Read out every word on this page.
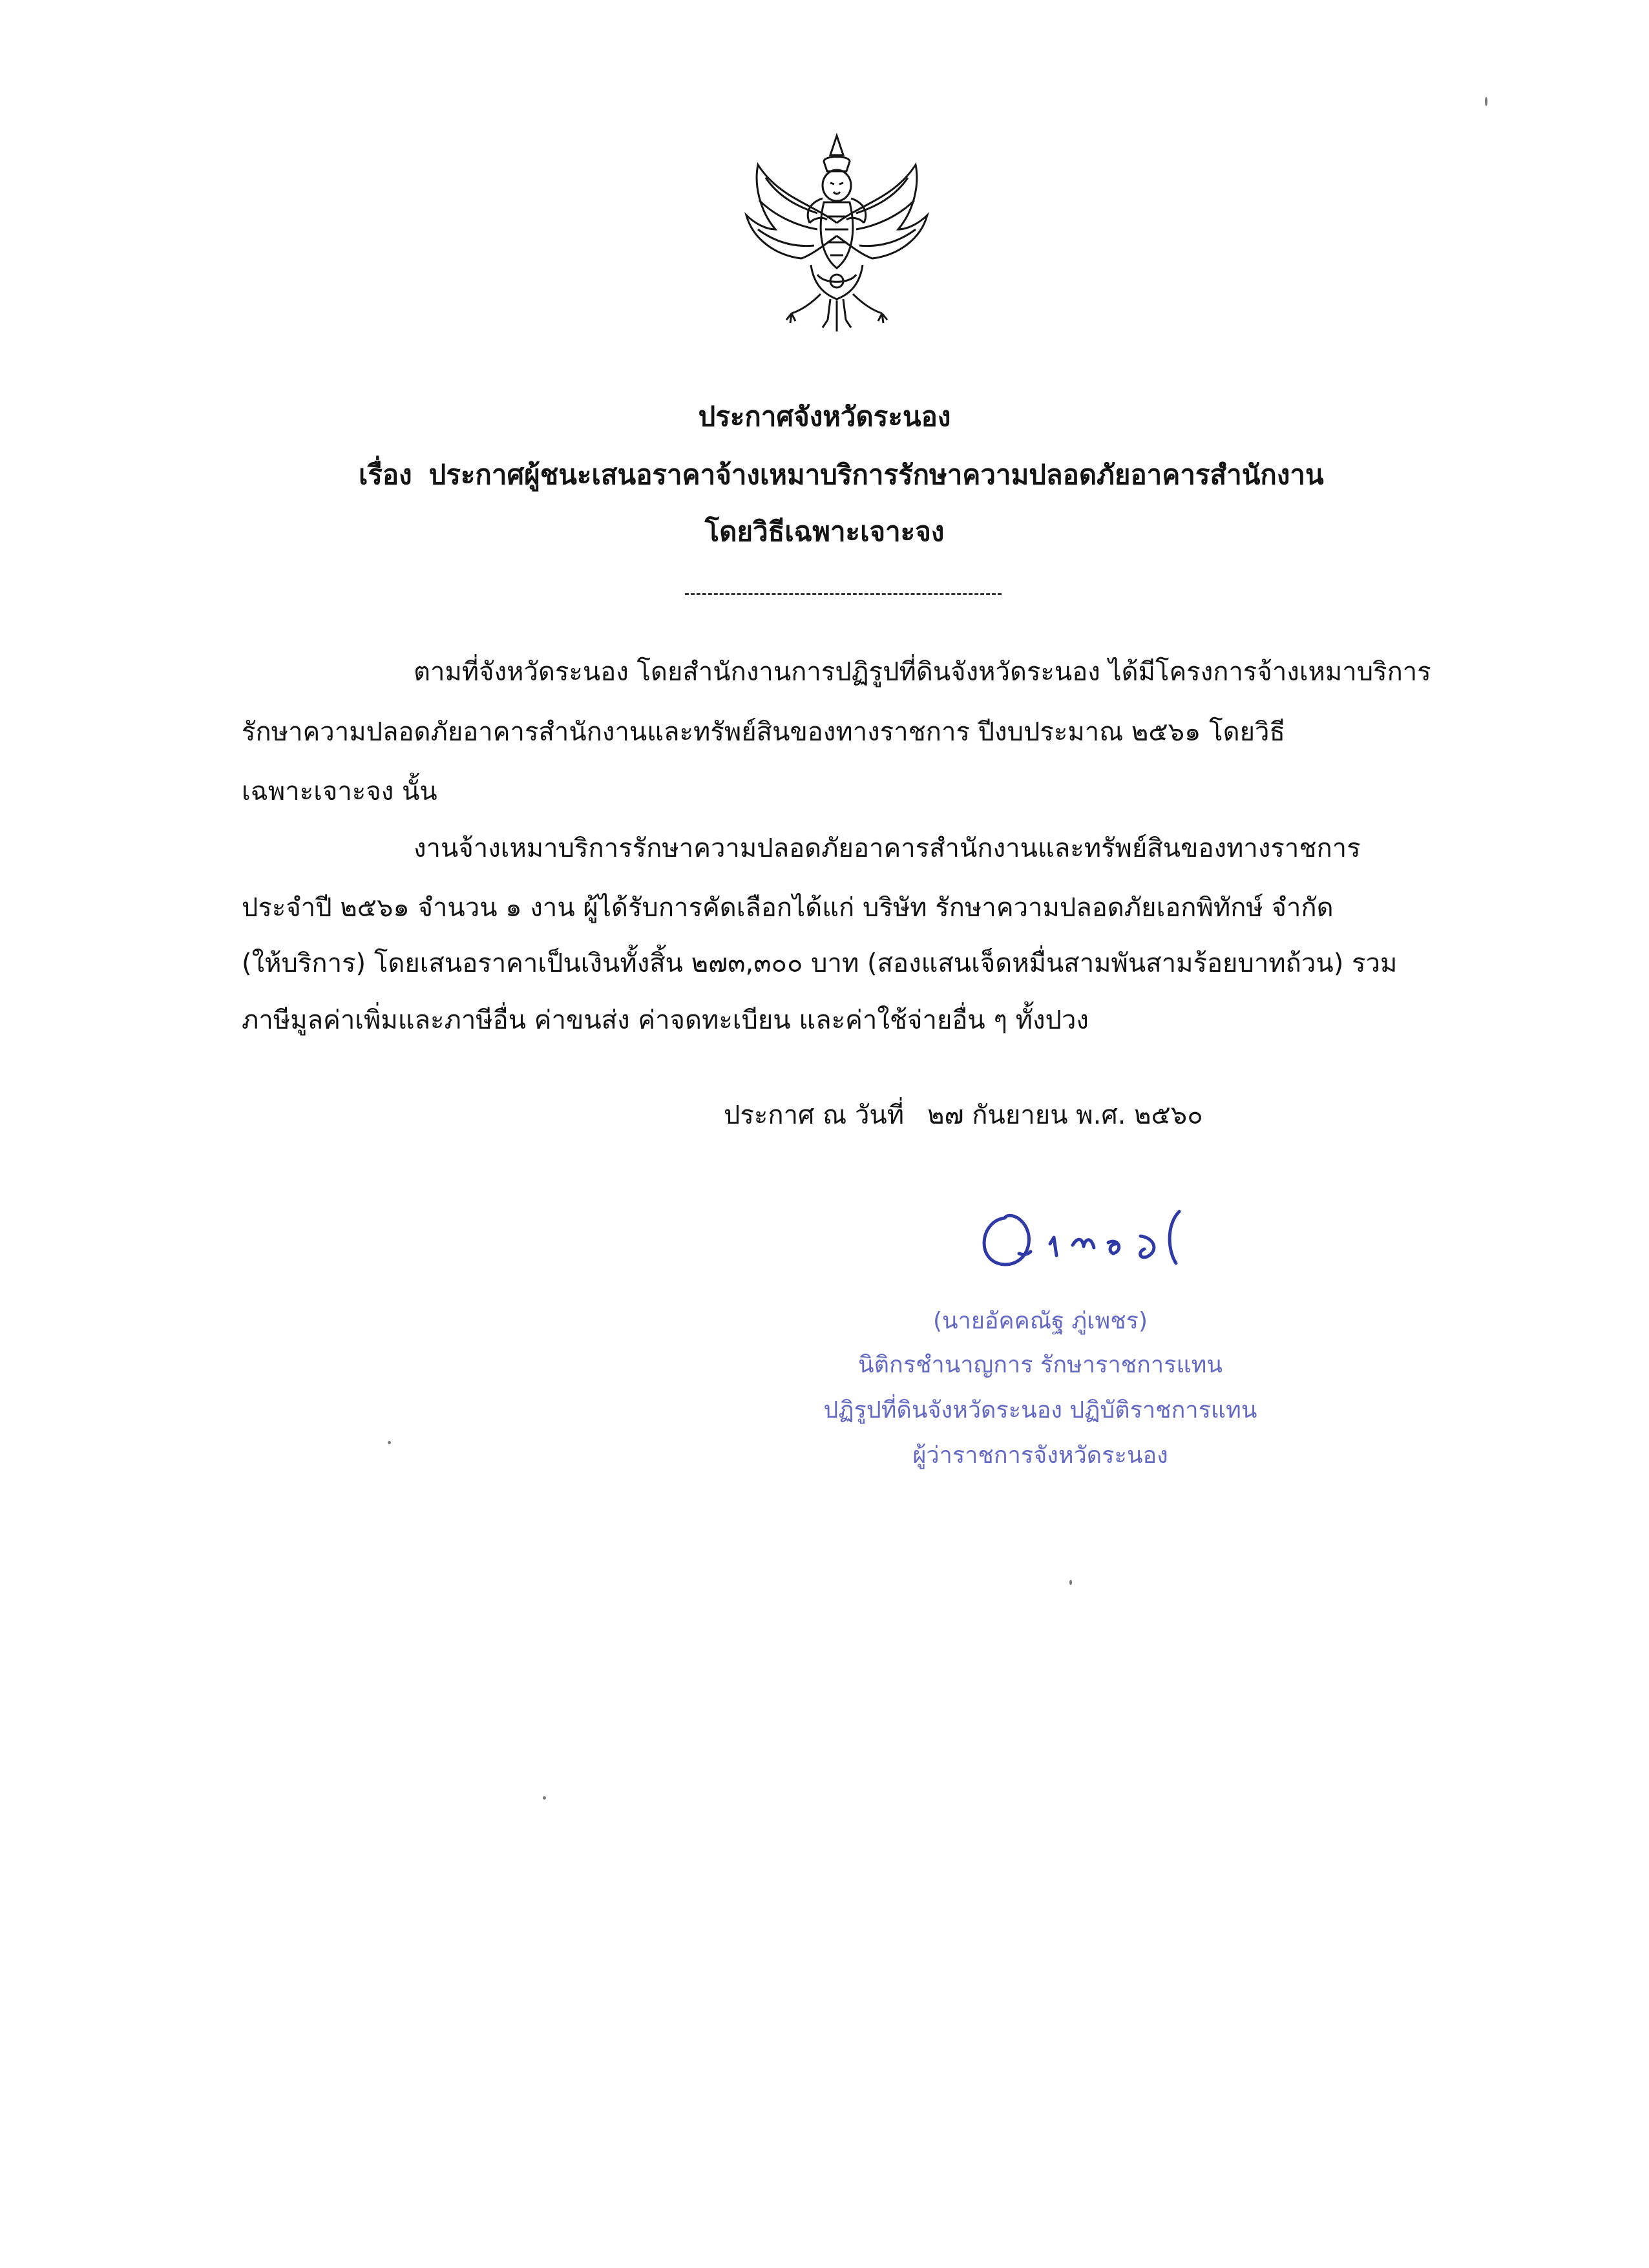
ประกาศจังหวัดระนอง
เรื่อง ประกาศผู้ชนะเสนอราคาจ้างเหมาบริการรักษาความปลอดภัยอาคารสำนักงาน
โดยวิธีเฉพาะเจาะจง
ตามที่จังหวัดระนอง โดยสำนักงานการปฏิรูปที่ดินจังหวัดระนอง ได้มีโครงการจ้างเหมาบริการ
รักษาความปลอดภัยอาคารสำนักงานและทรัพย์สินของทางราชการ ปีงบประมาณ ๒๕๖๑ โดยวิธี
เฉพาะเจาะจง นั้น
งานจ้างเหมาบริการรักษาความปลอดภัยอาคารสำนักงานและทรัพย์สินของทางราชการ
ประจำปี ๒๕๖๑ จำนวน ๑ งาน ผู้ได้รับการคัดเลือกได้แก่ บริษัท รักษาความปลอดภัยเอกพิทักษ์ จำกัด
(ให้บริการ) โดยเสนอราคาเป็นเงินทั้งสิ้น ๒๗๓,๓๐๐ บาท (สองแสนเจ็ดหมื่นสามพันสามร้อยบาทถ้วน) รวม
ภาษีมูลค่าเพิ่มและภาษีอื่น ค่าขนส่ง ค่าจดทะเบียน และค่าใช้จ่ายอื่น ๆ ทั้งปวง
ประกาศ ณ วันที่ ๒๗ กันยายน พ.ศ. ๒๕๖๐
(นายอัคคณัฐ ภู่เพชร)
นิติกรชำนาญการ รักษาราชการแทน
ปฏิรูปที่ดินจังหวัดระนอง ปฏิบัติราชการแทน
ผู้ว่าราชการจังหวัดระนอง
